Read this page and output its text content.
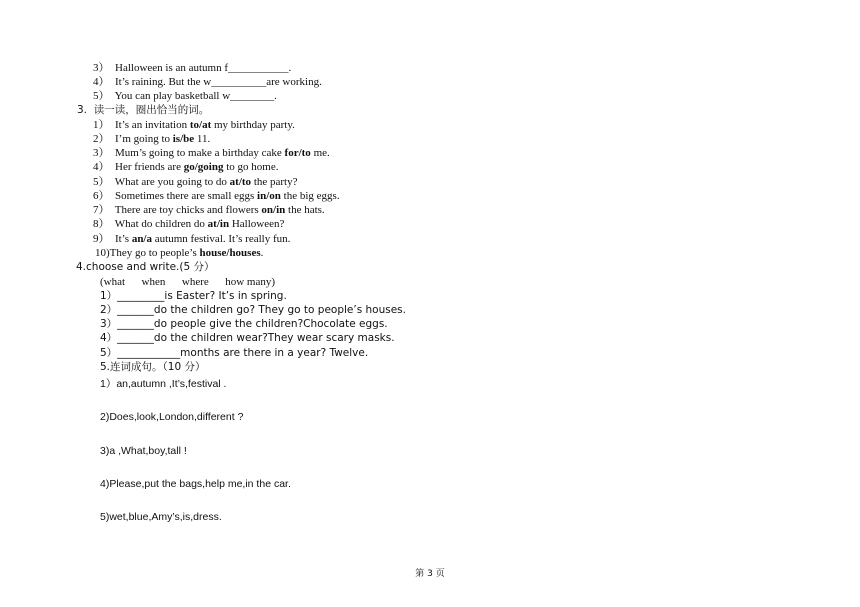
3）  Halloween is an autumn f___________.
4）  It’s raining. But the w__________are working.
5）  You can play basketball w________.
3.  读一读，圈出恰当的词。
1）  It’s an invitation to/at my birthday party.
2）  I’m going to is/be 11.
3）  Mum’s going to make a birthday cake for/to me.
4）  Her friends are go/going to go home.
5）  What are you going to do at/to the party?
6）  Sometimes there are small eggs in/on the big eggs.
7）  There are toy chicks and flowers on/in the hats.
8）  What do children do at/in Halloween?
9）  It’s an/a autumn festival. It’s really fun.
10)They go to people’s house/houses.
4.choose and write.(5 分）
(what      when      where      how many)
1）_________is Easter? It’s in spring.
2）_______do the children go? They go to people’s houses.
3）_______do people give the children?Chocolate eggs.
4）_______do the children wear?They wear scary masks.
5）____________months are there in a year? Twelve.
5.连词成句。（10 分）
1）an,autumn ,It’s,festival .
2)Does,look,London,different ?
3)a ,What,boy,tall !
4)Please,put the bags,help me,in the car.
5)wet,blue,Amy’s,is,dress.
第 3 页
